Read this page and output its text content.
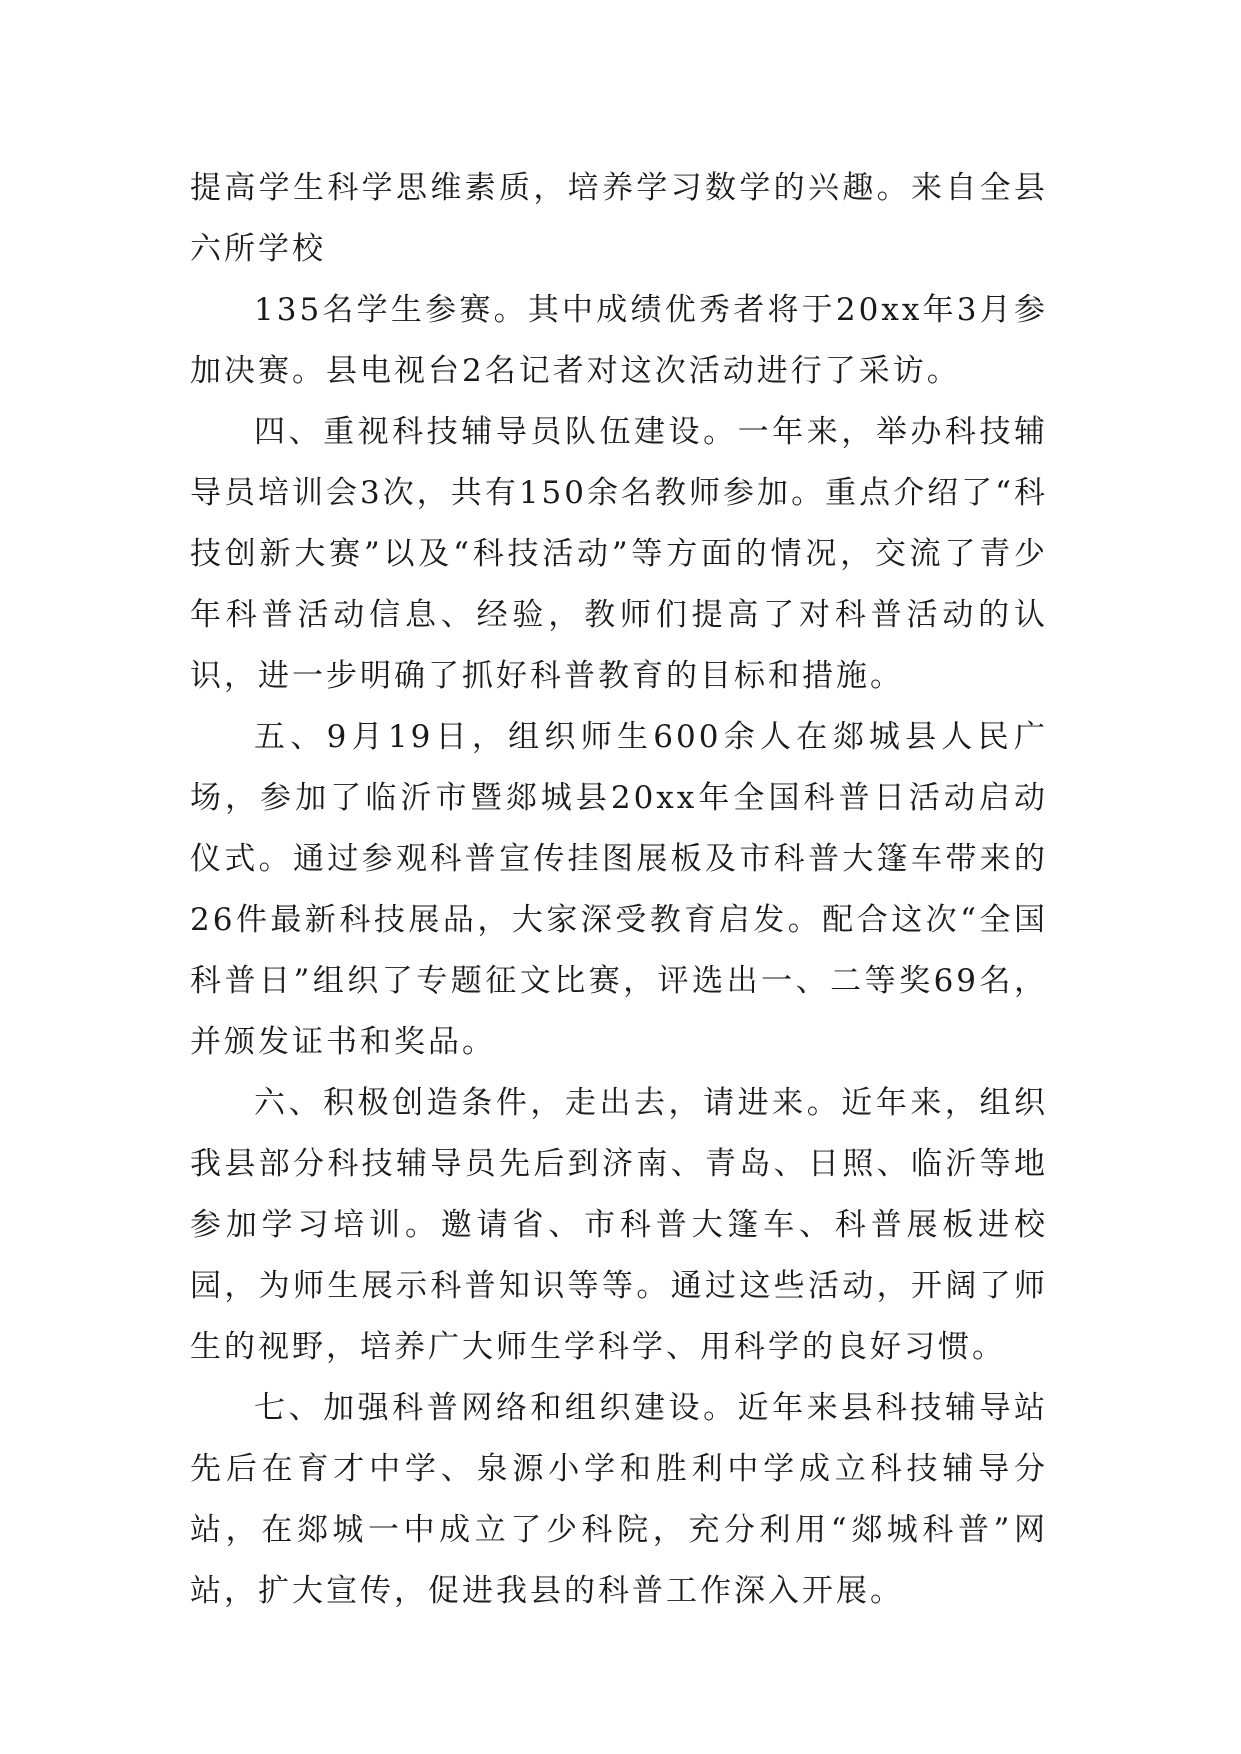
提高学生科学思维素质，培养学习数学的兴趣。来自全县六所学校

135名学生参赛。其中成绩优秀者将于20xx年3月参加决赛。县电视台2名记者对这次活动进行了采访。

四、重视科技辅导员队伍建设。一年来，举办科技辅导员培训会3次，共有150余名教师参加。重点介绍了“科技创新大赛”以及“科技活动”等方面的情况，交流了青少年科普活动信息、经验，教师们提高了对科普活动的认识，进一步明确了抓好科普教育的目标和措施。

五、9月19日，组织师生600余人在郯城县人民广场，参加了临沂市暨郯城县20xx年全国科普日活动启动仪式。通过参观科普宣传挂图展板及市科普大篷车带来的26件最新科技展品，大家深受教育启发。配合这次“全国科普日”组织了专题征文比赛，评选出一、二等奖69名，并颁发证书和奖品。

六、积极创造条件，走出去，请进来。近年来，组织我县部分科技辅导员先后到济南、青岛、日照、临沂等地参加学习培训。邀请省、市科普大篷车、科普展板进校园，为师生展示科普知识等等。通过这些活动，开阔了师生的视野，培养广大师生学科学、用科学的良好习惯。

七、加强科普网络和组织建设。近年来县科技辅导站先后在育才中学、泉源小学和胜利中学成立科技辅导分站，在郯城一中成立了少科院，充分利用“郯城科普”网站，扩大宣传，促进我县的科普工作深入开展。
